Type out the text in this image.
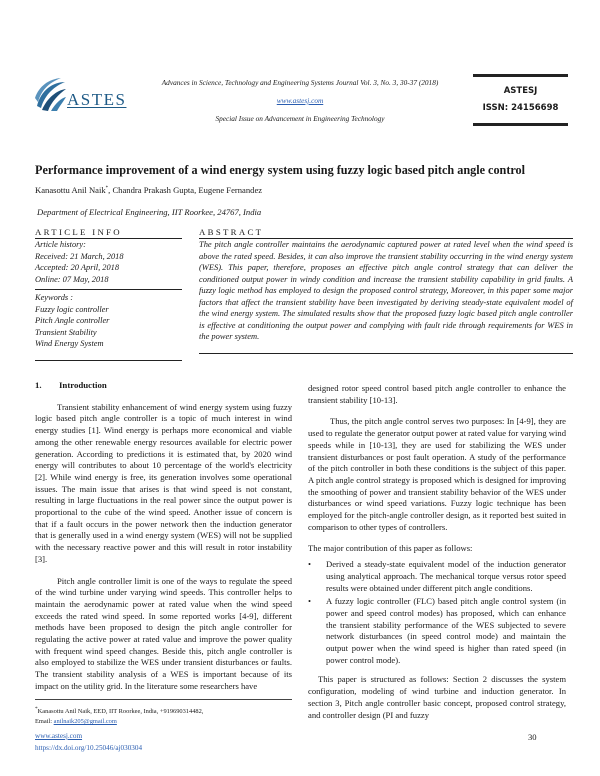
ASTES
Advances in Science, Technology and Engineering Systems Journal Vol. 3, No. 3, 30-37 (2018)
www.astesj.com
Special Issue on Advancement in Engineering Technology
ASTESJ
ISSN: 24156698
Performance improvement of a wind energy system using fuzzy logic based pitch angle control
Kanasottu Anil Naik*, Chandra Prakash Gupta, Eugene Fernandez
Department of Electrical Engineering, IIT Roorkee, 24767, India
ARTICLE INFO
Article history:
Received: 21 March, 2018
Accepted: 20 April, 2018
Online: 07 May, 2018
Keywords :
Fuzzy logic controller
Pitch Angle controller
Transient Stability
Wind Energy System
ABSTRACT
The pitch angle controller maintains the aerodynamic captured power at rated level when the wind speed is above the rated speed. Besides, it can also improve the transient stability occurring in the wind energy system (WES). This paper, therefore, proposes an effective pitch angle control strategy that can deliver the conditioned output power in windy condition and increase the transient stability capability in grid faults. A fuzzy logic method has employed to design the proposed control strategy, Moreover, in this paper some major factors that affect the transient stability have been investigated by deriving steady-state equivalent model of the wind energy system. The simulated results show that the proposed fuzzy logic based pitch angle controller is effective at conditioning the output power and complying with fault ride through requirements for WES in the power system.
1. Introduction

Transient stability enhancement of wind energy system using fuzzy logic based pitch angle controller is a topic of much interest in wind energy studies [1]. Wind energy is perhaps more economical and viable among the other renewable energy resources available for electric power generation. According to predictions it is estimated that, by 2020 wind energy will contributes to about 10 percentage of the world's electricity [2]. While wind energy is free, its generation involves some operational issues. The main issue that arises is that wind speed is not constant, resulting in large fluctuations in the real power since the output power is proportional to the cube of the wind speed. Another issue of concern is that if a fault occurs in the power network then the induction generator that is generally used in a wind energy system (WES) will not be supplied with the necessary reactive power and this will result in rotor instability [3].

Pitch angle controller limit is one of the ways to regulate the speed of the wind turbine under varying wind speeds. This controller helps to maintain the aerodynamic power at rated value when the wind speed exceeds the rated wind speed. In some reported works [4-9], different methods have been proposed to design the pitch angle controller for regulating the active power at rated value and improve the power quality with frequent wind speed changes. Beside this, pitch angle controller is also employed to stabilize the WES under transient disturbances or faults. The transient stability analysis of a WES is important because of its impact on the utility grid. In the literature some researchers have

designed rotor speed control based pitch angle controller to enhance the transient stability [10-13].

Thus, the pitch angle control serves two purposes: In [4-9], they are used to regulate the generator output power at rated value for varying wind speeds while in [10-13], they are used for stabilizing the WES under transient disturbances or post fault operation. A study of the performance of the pitch controller in both these conditions is the subject of this paper. A pitch angle control strategy is proposed which is designed for improving the smoothing of power and transient stability behavior of the WES under disturbances or wind speed variations. Fuzzy logic technique has been employed for the pitch-angle controller design, as it reported best suited in comparison to other types of controllers.

The major contribution of this paper as follows:

• Derived a steady-state equivalent model of the induction generator using analytical approach. The mechanical torque versus rotor speed results were obtained under different pitch angle conditions.
• A fuzzy logic controller (FLC) based pitch angle control system (in power and speed control modes) has proposed, which can enhance the transient stability performance of the WES subjected to severe network disturbances (in speed control mode) and maintain the output power when the wind speed is higher than rated speed (in power control mode).

This paper is structured as follows: Section 2 discusses the system configuration, modeling of wind turbine and induction generator. In section 3, Pitch angle controller basic concept, proposed control strategy, and controller design (PI and fuzzy

*Kanasottu Anil Naik, EED, IIT Roorkee, India, +919690314482,
Email: anilnaik205@gmail.com
www.astesj.com
https://dx.doi.org/10.25046/aj030304
30
